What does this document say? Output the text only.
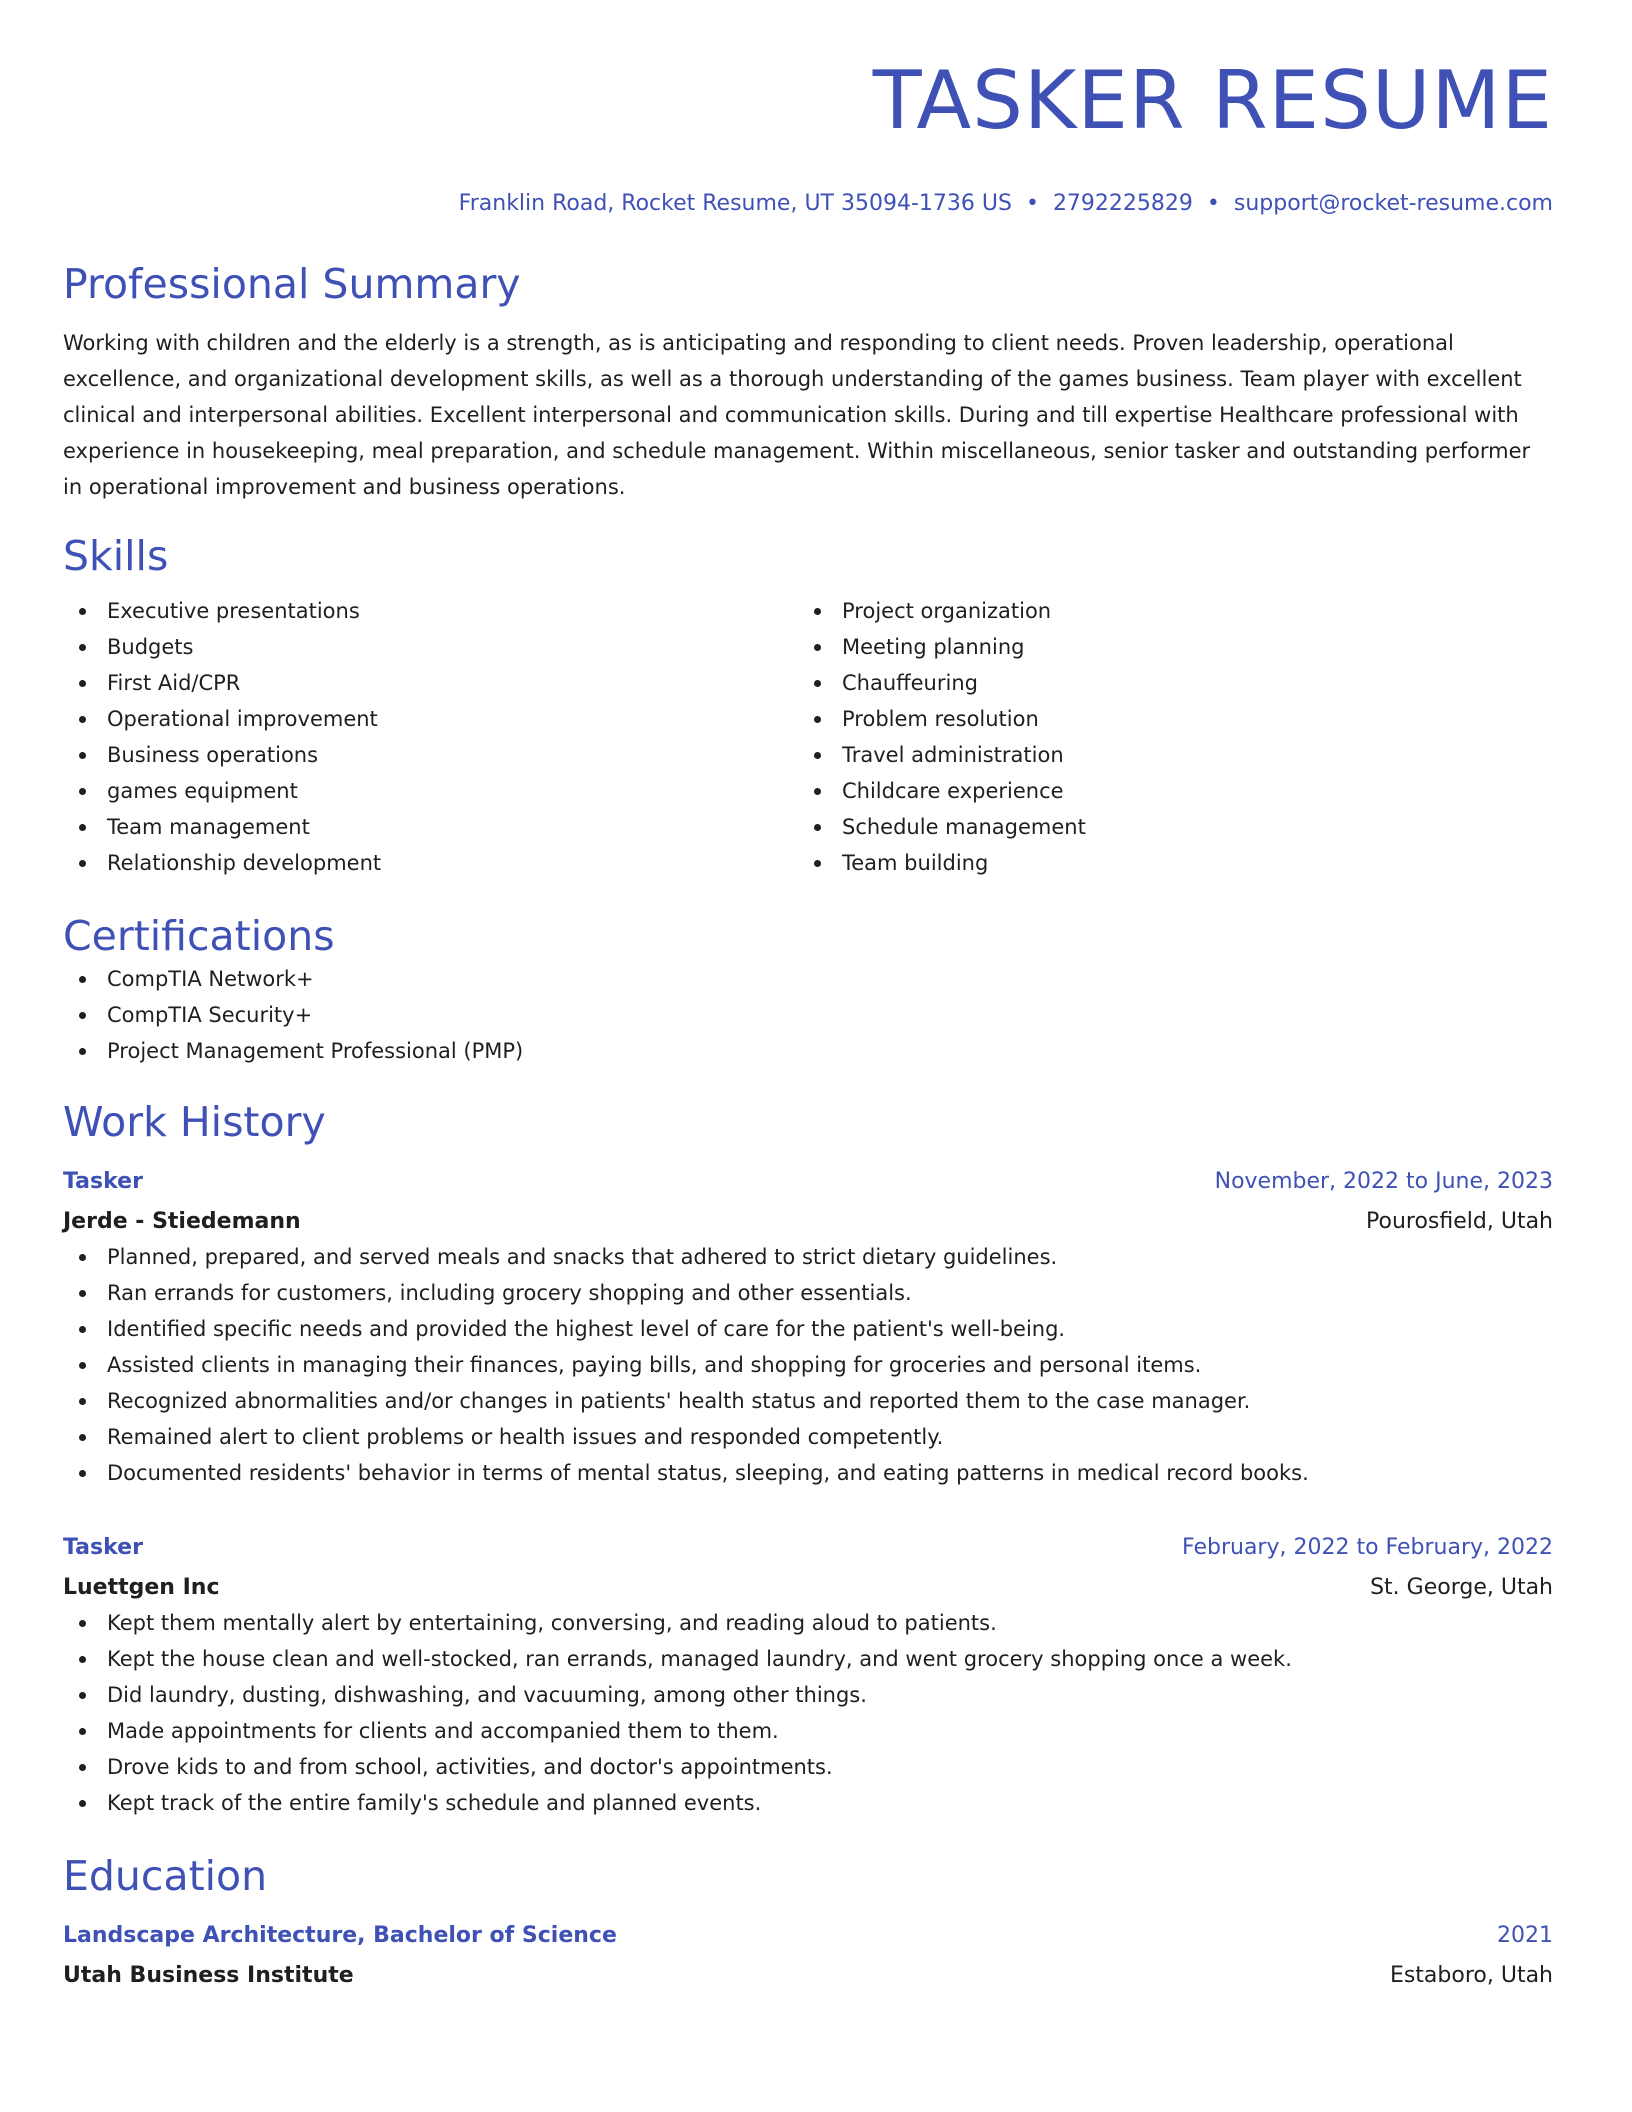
TASKER RESUME
Franklin Road, Rocket Resume, UT 35094-1736 US • 2792225829 • support@rocket-resume.com
Professional Summary
Working with children and the elderly is a strength, as is anticipating and responding to client needs. Proven leadership, operational excellence, and organizational development skills, as well as a thorough understanding of the games business. Team player with excellent clinical and interpersonal abilities. Excellent interpersonal and communication skills. During and till expertise Healthcare professional with experience in housekeeping, meal preparation, and schedule management. Within miscellaneous, senior tasker and outstanding performer in operational improvement and business operations.
Skills
Executive presentations
Budgets
First Aid/CPR
Operational improvement
Business operations
games equipment
Team management
Relationship development
Project organization
Meeting planning
Chauffeuring
Problem resolution
Travel administration
Childcare experience
Schedule management
Team building
Certifications
CompTIA Network+
CompTIA Security+
Project Management Professional (PMP)
Work History
Tasker	November, 2022 to June, 2023
Jerde - Stiedemann	Pourosfield, Utah
Planned, prepared, and served meals and snacks that adhered to strict dietary guidelines.
Ran errands for customers, including grocery shopping and other essentials.
Identified specific needs and provided the highest level of care for the patient's well-being.
Assisted clients in managing their finances, paying bills, and shopping for groceries and personal items.
Recognized abnormalities and/or changes in patients' health status and reported them to the case manager.
Remained alert to client problems or health issues and responded competently.
Documented residents' behavior in terms of mental status, sleeping, and eating patterns in medical record books.
Tasker	February, 2022 to February, 2022
Luettgen Inc	St. George, Utah
Kept them mentally alert by entertaining, conversing, and reading aloud to patients.
Kept the house clean and well-stocked, ran errands, managed laundry, and went grocery shopping once a week.
Did laundry, dusting, dishwashing, and vacuuming, among other things.
Made appointments for clients and accompanied them to them.
Drove kids to and from school, activities, and doctor's appointments.
Kept track of the entire family's schedule and planned events.
Education
Landscape Architecture, Bachelor of Science	2021
Utah Business Institute	Estaboro, Utah
